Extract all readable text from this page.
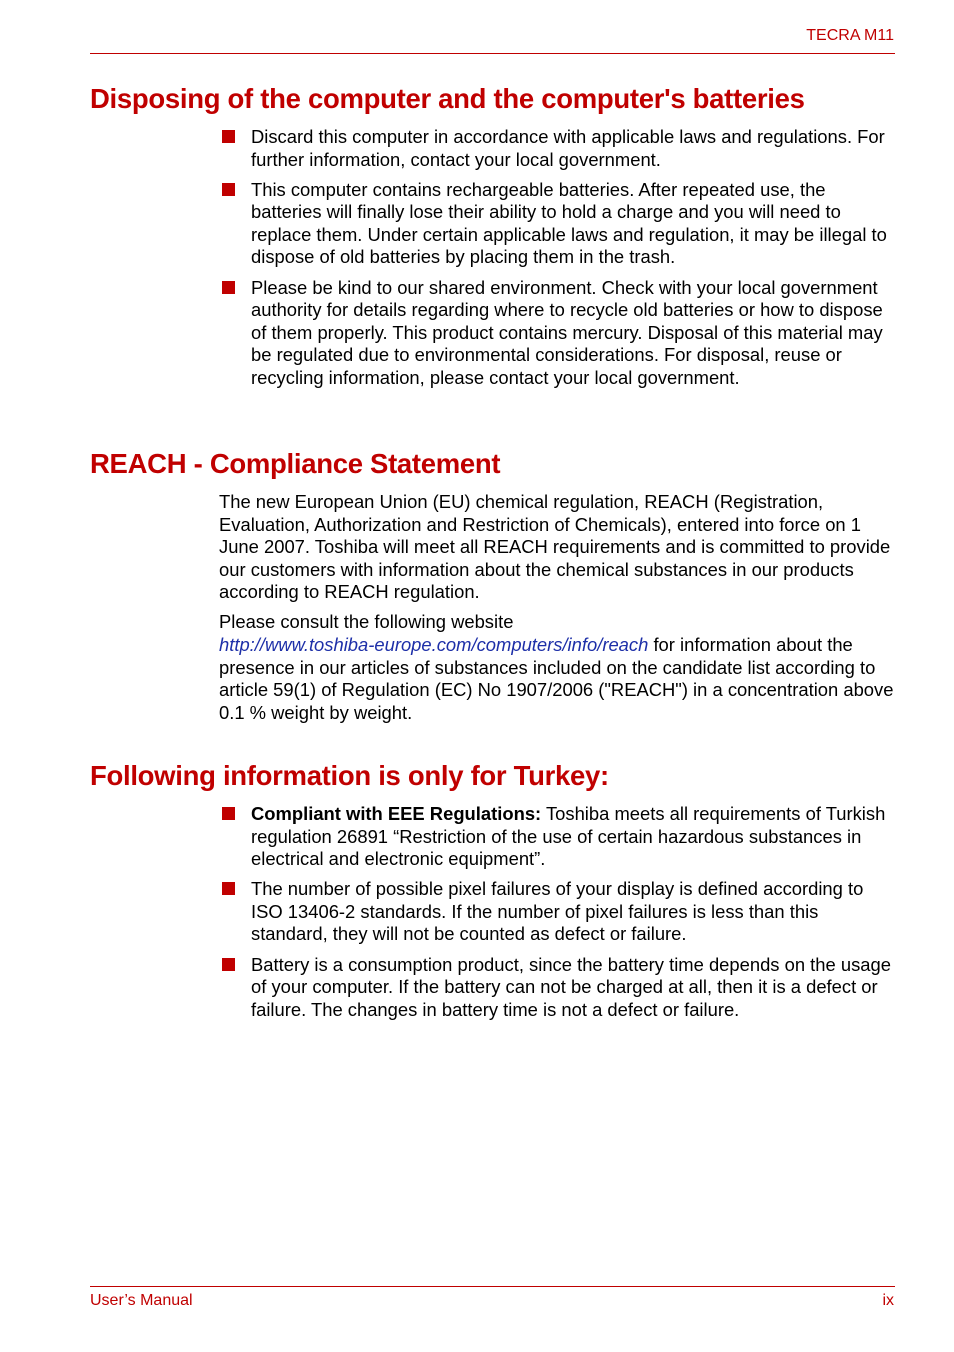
TECRA M11
Disposing of the computer and the computer's batteries
Discard this computer in accordance with applicable laws and regulations. For further information, contact your local government.
This computer contains rechargeable batteries. After repeated use, the batteries will finally lose their ability to hold a charge and you will need to replace them. Under certain applicable laws and regulation, it may be illegal to dispose of old batteries by placing them in the trash.
Please be kind to our shared environment. Check with your local government authority for details regarding where to recycle old batteries or how to dispose of them properly. This product contains mercury. Disposal of this material may be regulated due to environmental considerations. For disposal, reuse or recycling information, please contact your local government.
REACH - Compliance Statement

The new European Union (EU) chemical regulation, REACH (Registration, Evaluation, Authorization and Restriction of Chemicals), entered into force on 1 June 2007. Toshiba will meet all REACH requirements and is committed to provide our customers with information about the chemical substances in our products according to REACH regulation.

Please consult the following website
http://www.toshiba-europe.com/computers/info/reach for information about the presence in our articles of substances included on the candidate list according to article 59(1) of Regulation (EC) No 1907/2006 ("REACH") in a concentration above 0.1 % weight by weight.

Following information is only for Turkey:
Compliant with EEE Regulations: Toshiba meets all requirements of Turkish regulation 26891 “Restriction of the use of certain hazardous substances in electrical and electronic equipment”.
The number of possible pixel failures of your display is defined according to ISO 13406-2 standards. If the number of pixel failures is less than this standard, they will not be counted as defect or failure.
Battery is a consumption product, since the battery time depends on the usage of your computer. If the battery can not be charged at all, then it is a defect or failure. The changes in battery time is not a defect or failure.
User’s Manual	ix
